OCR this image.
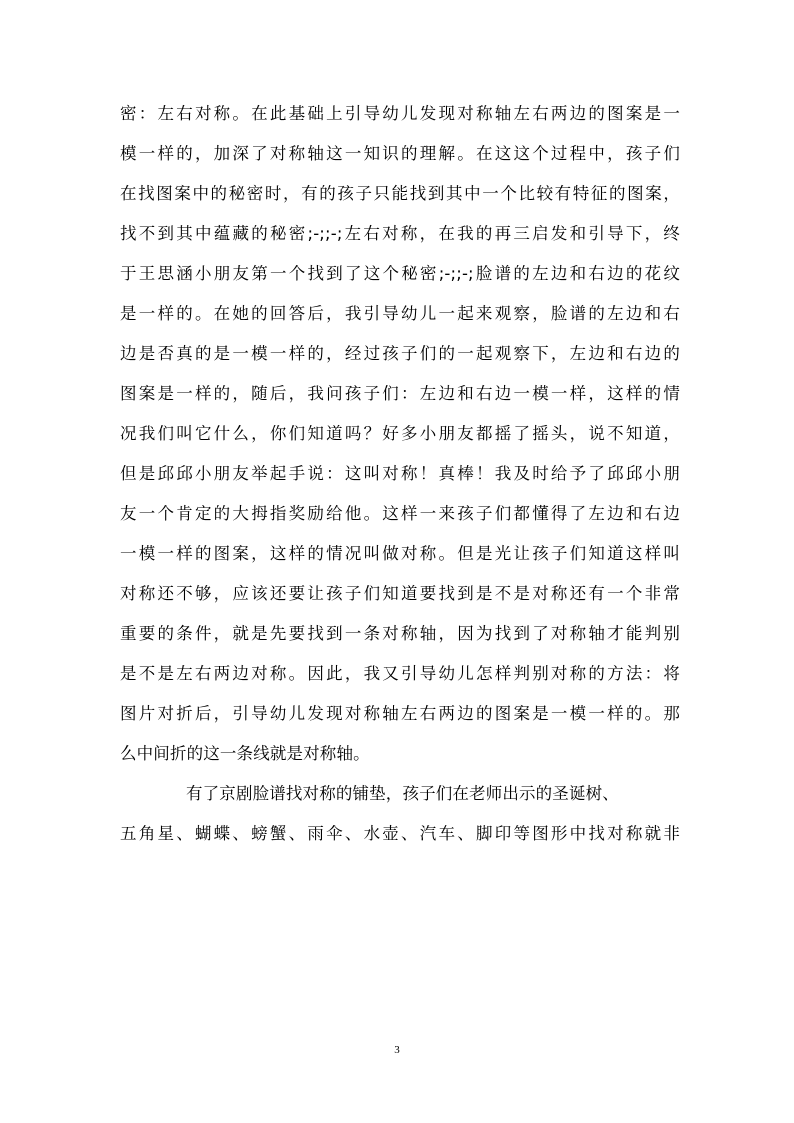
密：左右对称。在此基础上引导幼儿发现对称轴左右两边的图案是一
模一样的，加深了对称轴这一知识的理解。在这这个过程中，孩子们
在找图案中的秘密时，有的孩子只能找到其中一个比较有特征的图案，
找不到其中蕴藏的秘密;-;;-;左右对称，在我的再三启发和引导下，终
于王思涵小朋友第一个找到了这个秘密;-;;-;脸谱的左边和右边的花纹
是一样的。在她的回答后，我引导幼儿一起来观察，脸谱的左边和右
边是否真的是一模一样的，经过孩子们的一起观察下，左边和右边的
图案是一样的，随后，我问孩子们：左边和右边一模一样，这样的情
况我们叫它什么，你们知道吗？好多小朋友都摇了摇头，说不知道，
但是邱邱小朋友举起手说：这叫对称！真棒！我及时给予了邱邱小朋
友一个肯定的大拇指奖励给他。这样一来孩子们都懂得了左边和右边
一模一样的图案，这样的情况叫做对称。但是光让孩子们知道这样叫
对称还不够，应该还要让孩子们知道要找到是不是对称还有一个非常
重要的条件，就是先要找到一条对称轴，因为找到了对称轴才能判别
是不是左右两边对称。因此，我又引导幼儿怎样判别对称的方法：将
图片对折后，引导幼儿发现对称轴左右两边的图案是一模一样的。那
么中间折的这一条线就是对称轴。
有了京剧脸谱找对称的铺垫，孩子们在老师出示的圣诞树、
五角星、蝴蝶、螃蟹、雨伞、水壶、汽车、脚印等图形中找对称就非
3
